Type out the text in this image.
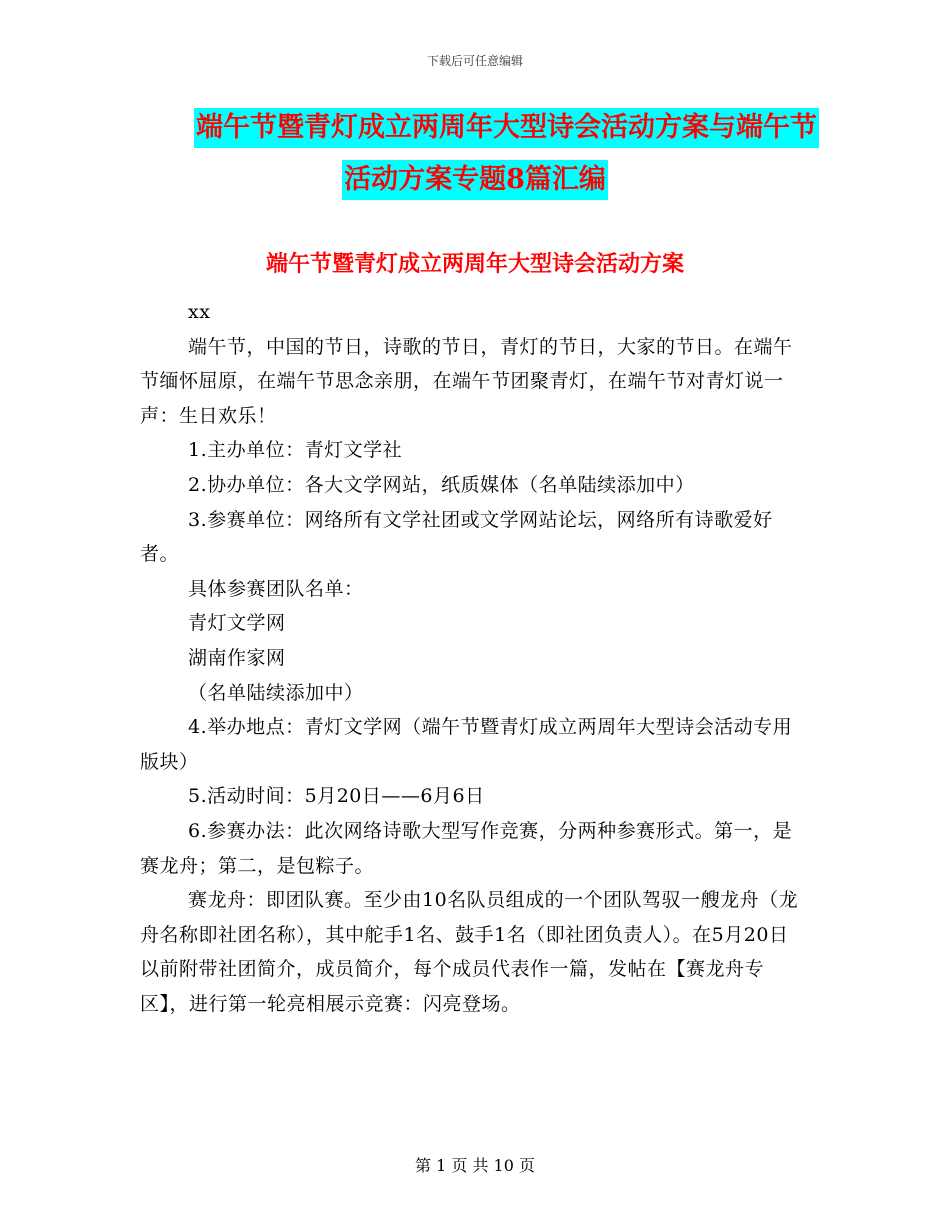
下载后可任意编辑
端午节暨青灯成立两周年大型诗会活动方案与端午节
活动方案专题8篇汇编
端午节暨青灯成立两周年大型诗会活动方案

xx

端午节，中国的节日，诗歌的节日，青灯的节日，大家的节日。在端午节缅怀屈原，在端午节思念亲朋，在端午节团聚青灯，在端午节对青灯说一声：生日欢乐！

1.主办单位：青灯文学社

2.协办单位：各大文学网站，纸质媒体（名单陆续添加中）

3.参赛单位：网络所有文学社团或文学网站论坛，网络所有诗歌爱好者。

具体参赛团队名单：

青灯文学网

湖南作家网

（名单陆续添加中）

4.举办地点：青灯文学网（端午节暨青灯成立两周年大型诗会活动专用版块）

5.活动时间：5月20日——6月6日

6.参赛办法：此次网络诗歌大型写作竞赛，分两种参赛形式。第一，是赛龙舟；第二，是包粽子。

赛龙舟：即团队赛。至少由10名队员组成的一个团队驾驭一艘龙舟（龙舟名称即社团名称），其中舵手1名、鼓手1名（即社团负责人）。在5月20日以前附带社团简介，成员简介，每个成员代表作一篇，发帖在【赛龙舟专区】，进行第一轮亮相展示竞赛：闪亮登场。

第 1 页 共 10 页
